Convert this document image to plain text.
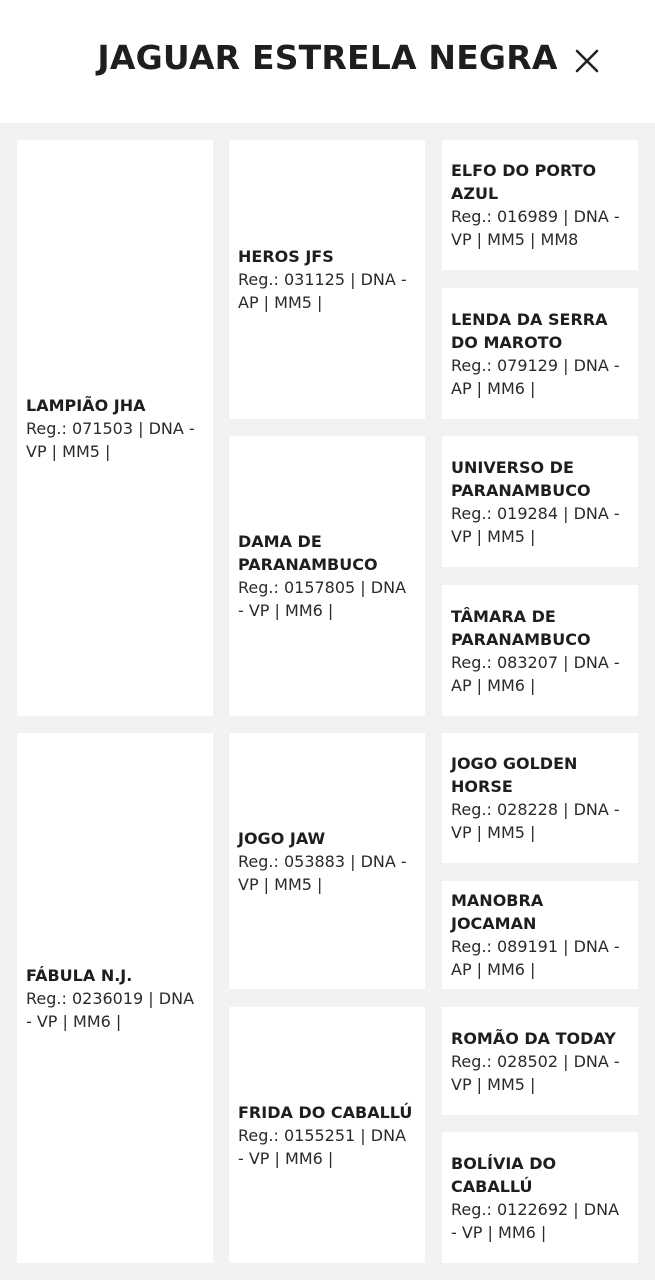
JAGUAR ESTRELA NEGRA
LAMPIÃO JHA
Reg.: 071503 | DNA - VP | MM5 |
FÁBULA N.J.
Reg.: 0236019 | DNA - VP | MM6 |
HEROS JFS
Reg.: 031125 | DNA - AP | MM5 |
DAMA DE PARANAMBUCO
Reg.: 0157805 | DNA - VP | MM6 |
JOGO JAW
Reg.: 053883 | DNA - VP | MM5 |
FRIDA DO CABALLÚ
Reg.: 0155251 | DNA - VP | MM6 |
ELFO DO PORTO AZUL
Reg.: 016989 | DNA - VP | MM5 | MM8
LENDA DA SERRA DO MAROTO
Reg.: 079129 | DNA - AP | MM6 |
UNIVERSO DE PARANAMBUCO
Reg.: 019284 | DNA - VP | MM5 |
TÂMARA DE PARANAMBUCO
Reg.: 083207 | DNA - AP | MM6 |
JOGO GOLDEN HORSE
Reg.: 028228 | DNA - VP | MM5 |
MANOBRA JOCAMAN
Reg.: 089191 | DNA - AP | MM6 |
ROMÃO DA TODAY
Reg.: 028502 | DNA - VP | MM5 |
BOLÍVIA DO CABALLÚ
Reg.: 0122692 | DNA - VP | MM6 |
